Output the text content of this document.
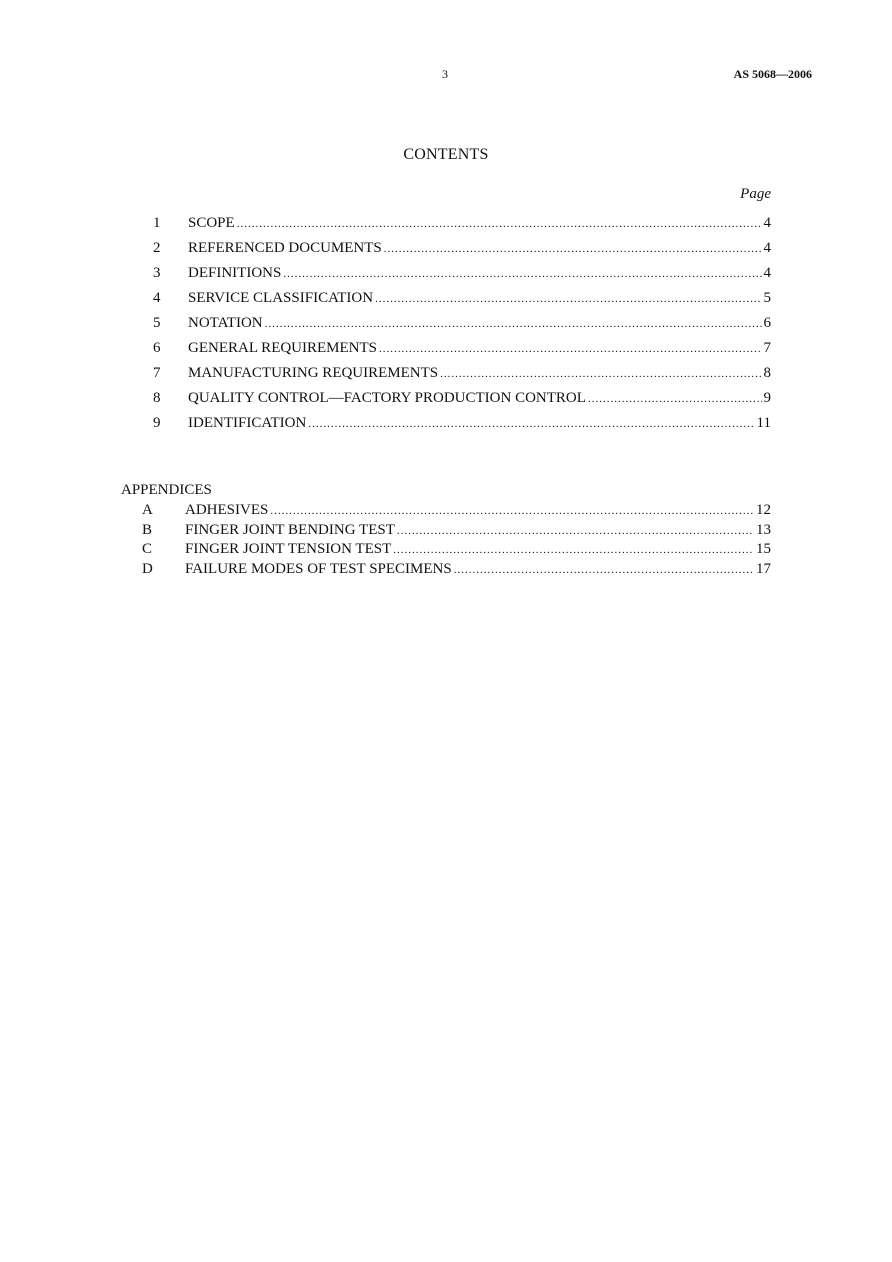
3	AS 5068—2006
CONTENTS
Page
1	SCOPE .....	4
2	REFERENCED DOCUMENTS .....	4
3	DEFINITIONS .....	4
4	SERVICE CLASSIFICATION .....	5
5	NOTATION .....	6
6	GENERAL REQUIREMENTS .....	7
7	MANUFACTURING REQUIREMENTS .....	8
8	QUALITY CONTROL—FACTORY PRODUCTION CONTROL .....	9
9	IDENTIFICATION .....	11
APPENDICES
A	ADHESIVES .....	12
B	FINGER JOINT BENDING TEST .....	13
C	FINGER JOINT TENSION TEST .....	15
D	FAILURE MODES OF TEST SPECIMENS .....	17
